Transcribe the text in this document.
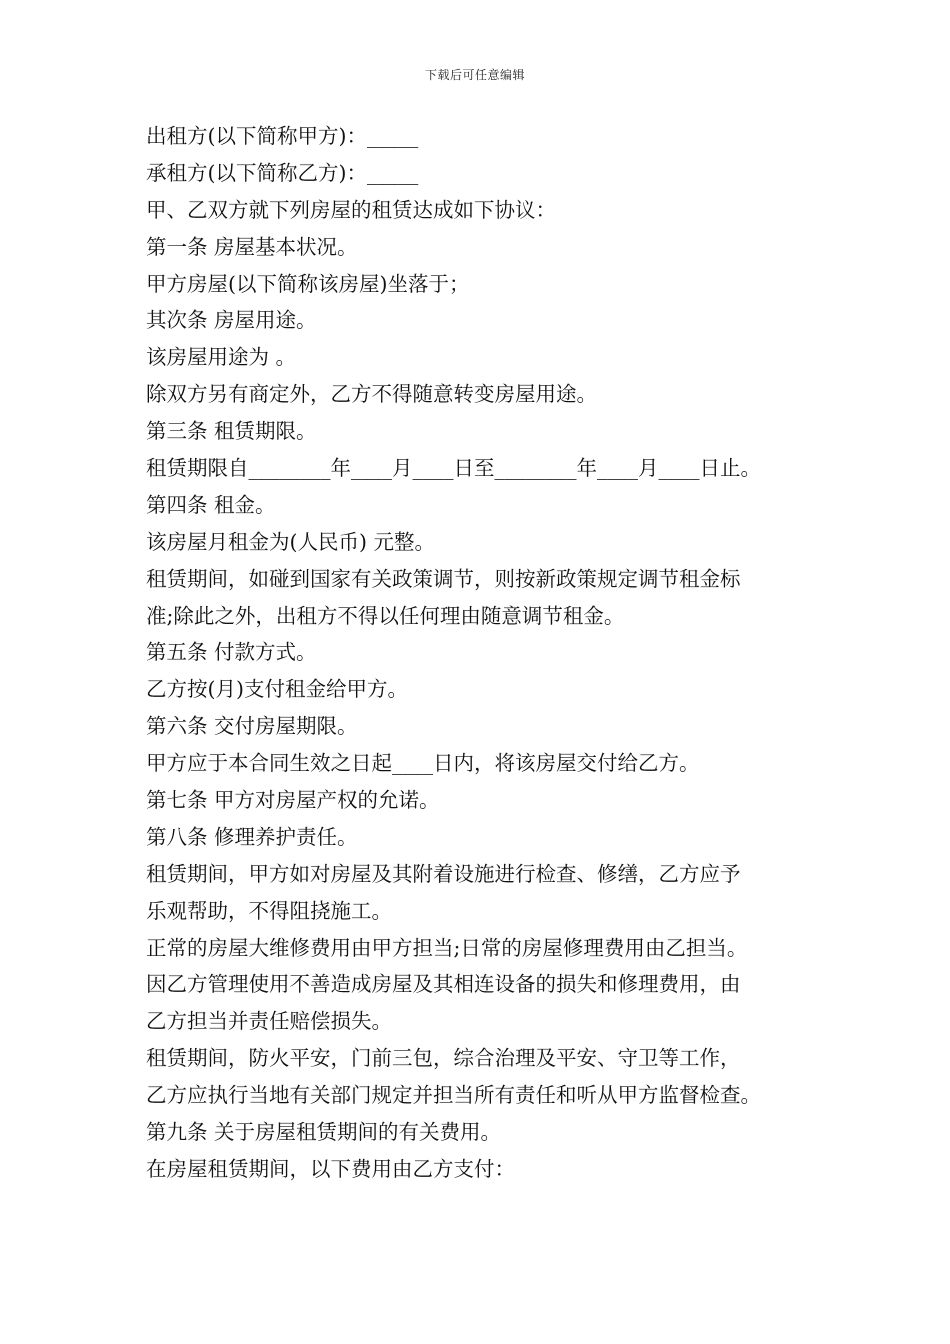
下载后可任意编辑
出租方(以下简称甲方)：_____
承租方(以下简称乙方)：_____
甲、乙双方就下列房屋的租赁达成如下协议：
第一条 房屋基本状况。
甲方房屋(以下简称该房屋)坐落于；
其次条 房屋用途。
该房屋用途为 。
除双方另有商定外，乙方不得随意转变房屋用途。
第三条 租赁期限。
租赁期限自________年____月____日至________年____月____日止。
第四条 租金。
该房屋月租金为(人民币) 元整。
租赁期间，如碰到国家有关政策调节，则按新政策规定调节租金标
准;除此之外，出租方不得以任何理由随意调节租金。
第五条 付款方式。
乙方按(月)支付租金给甲方。
第六条 交付房屋期限。
甲方应于本合同生效之日起____日内，将该房屋交付给乙方。
第七条 甲方对房屋产权的允诺。
第八条 修理养护责任。
租赁期间，甲方如对房屋及其附着设施进行检查、修缮，乙方应予
乐观帮助，不得阻挠施工。
正常的房屋大维修费用由甲方担当;日常的房屋修理费用由乙担当。
因乙方管理使用不善造成房屋及其相连设备的损失和修理费用，由
乙方担当并责任赔偿损失。
租赁期间，防火平安，门前三包，综合治理及平安、守卫等工作，
乙方应执行当地有关部门规定并担当所有责任和听从甲方监督检查。
第九条 关于房屋租赁期间的有关费用。
在房屋租赁期间，以下费用由乙方支付：
